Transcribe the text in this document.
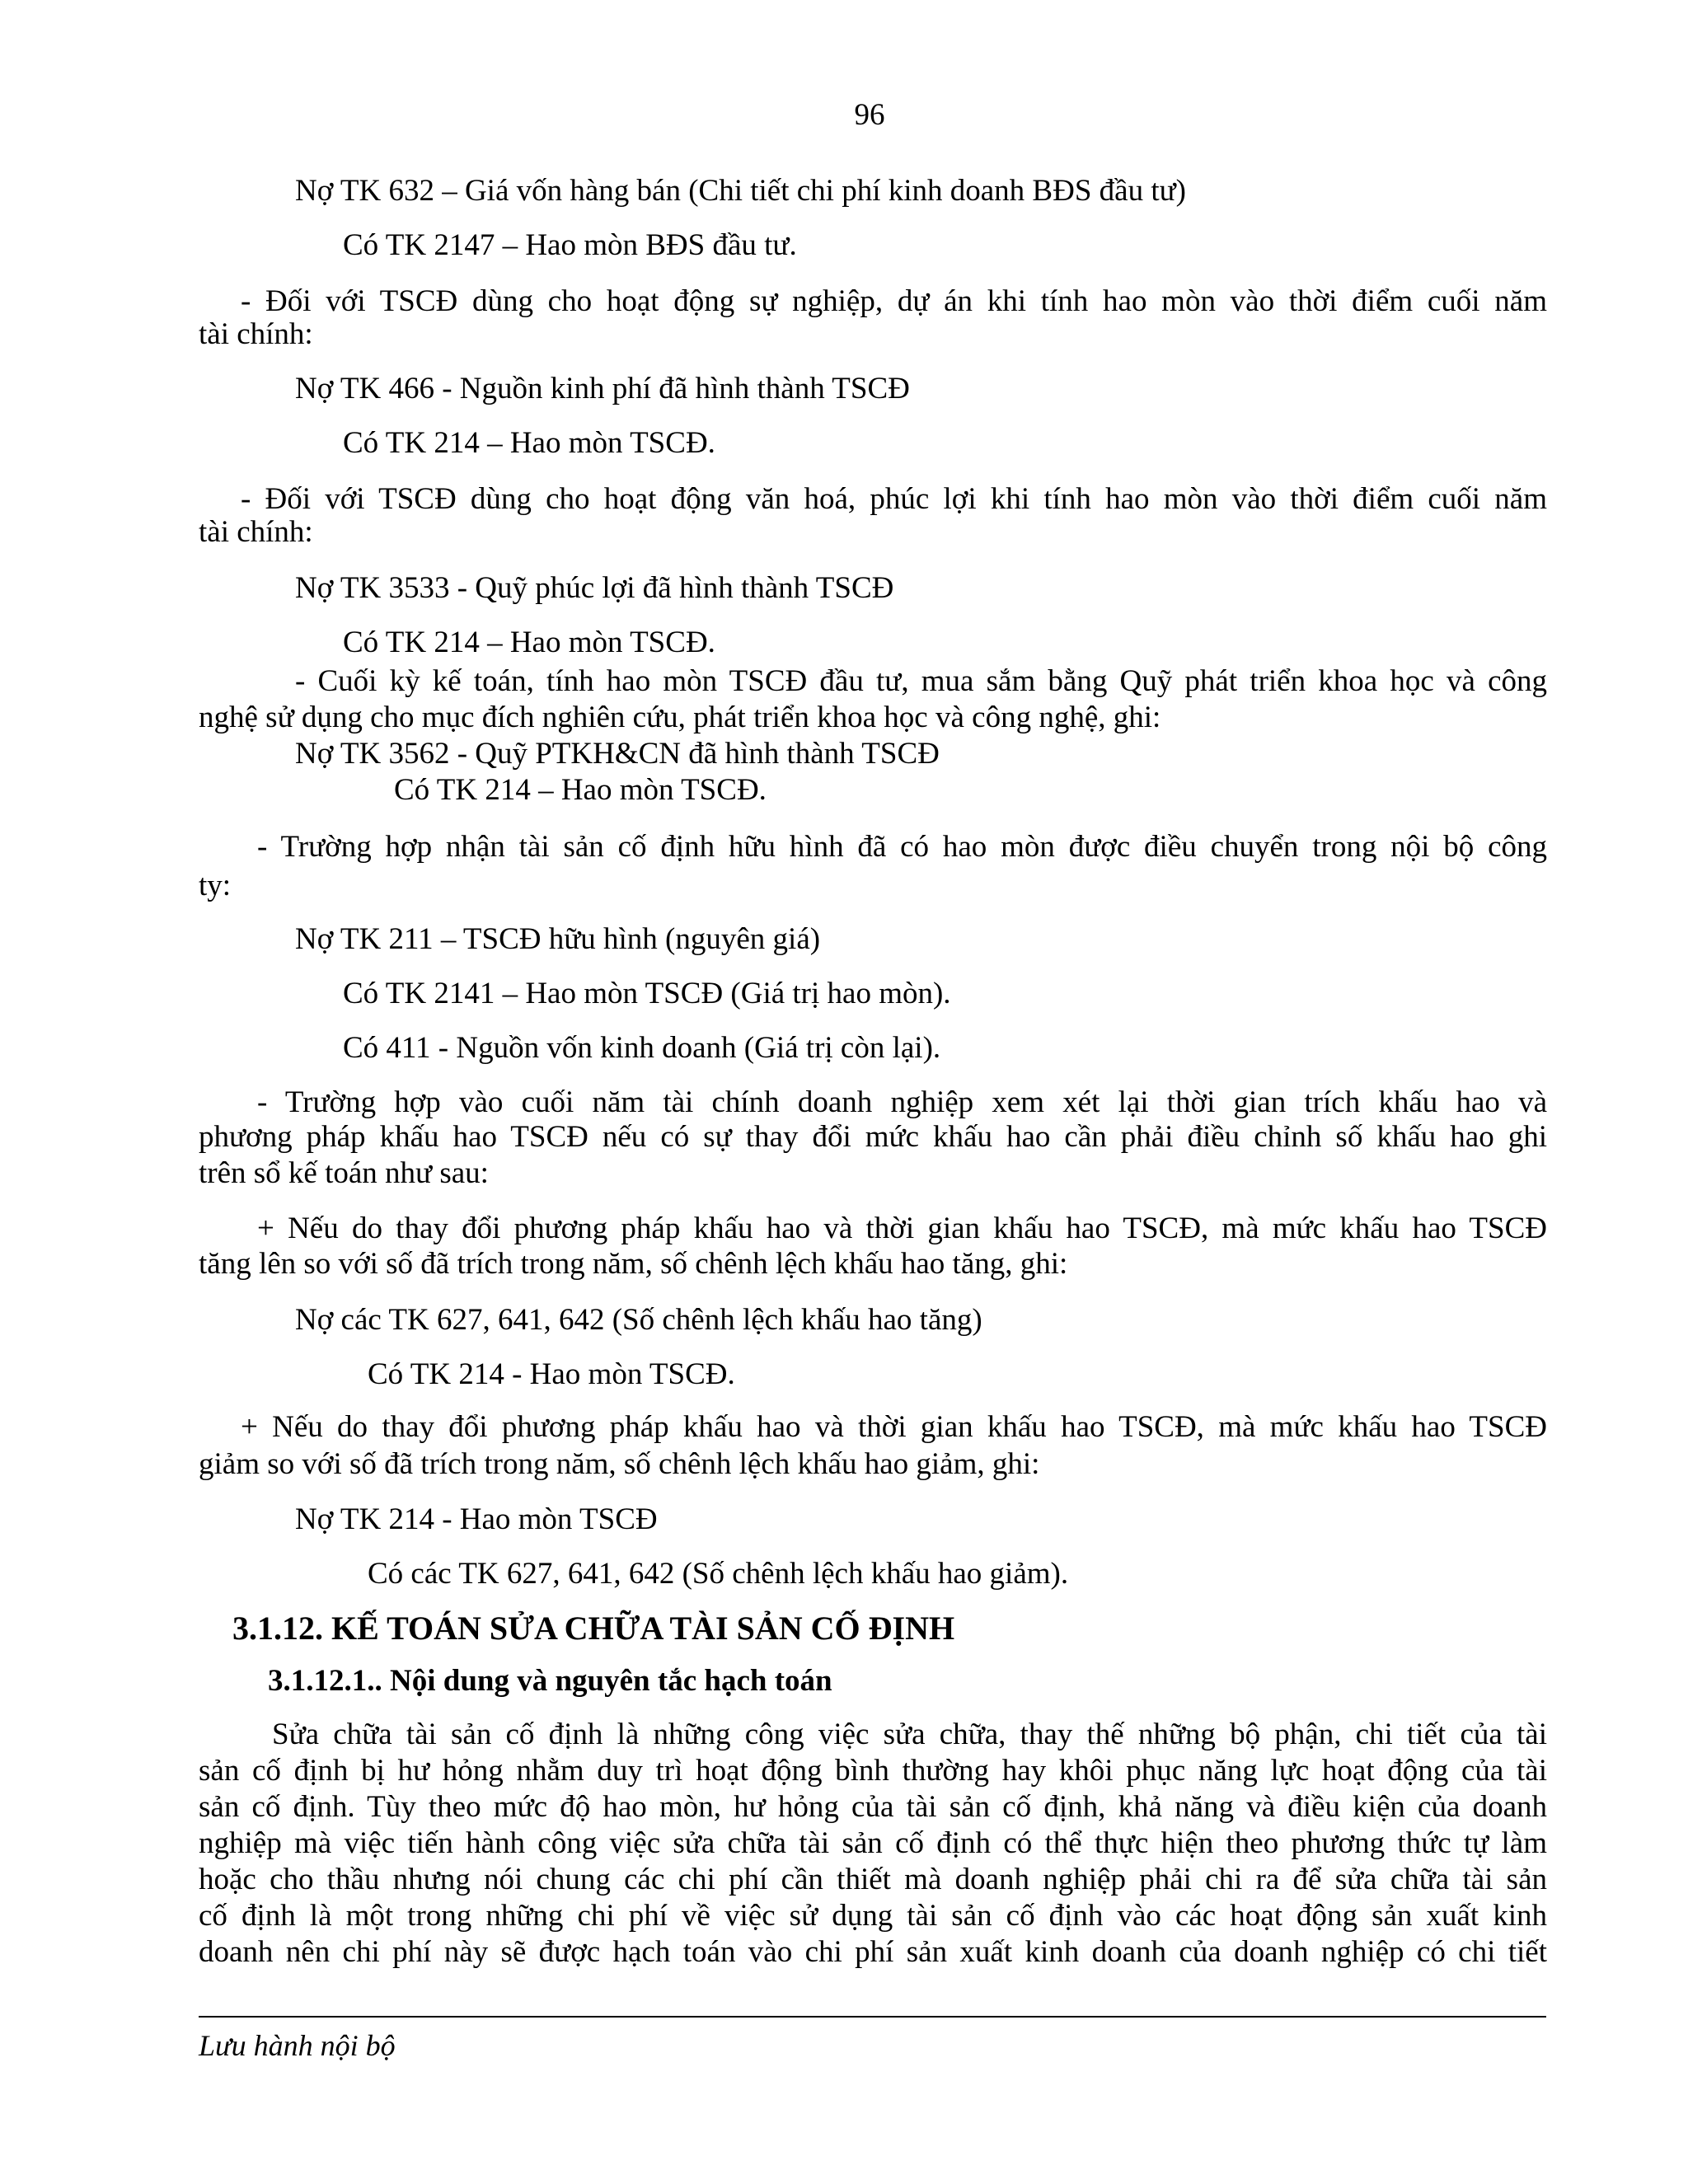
96

Nợ TK 632 – Giá vốn hàng bán (Chi tiết chi phí kinh doanh BĐS đầu tư)

Có TK 2147 – Hao mòn BĐS đầu tư.

- Đối với TSCĐ dùng cho hoạt động sự nghiệp, dự án khi tính hao mòn vào thời điểm cuối năm

tài chính:

Nợ TK 466 - Nguồn kinh phí đã hình thành TSCĐ

Có TK 214 – Hao mòn TSCĐ.

- Đối với TSCĐ dùng cho hoạt động văn hoá, phúc lợi khi tính hao mòn vào thời điểm cuối năm

tài chính:

Nợ TK 3533 - Quỹ phúc lợi đã hình thành TSCĐ

Có TK 214 – Hao mòn TSCĐ.

- Cuối kỳ kế toán, tính hao mòn TSCĐ đầu tư, mua sắm bằng Quỹ phát triển khoa học và công

nghệ sử dụng cho mục đích nghiên cứu, phát triển khoa học và công nghệ, ghi:

Nợ TK 3562 - Quỹ PTKH&CN đã hình thành TSCĐ

Có TK 214 – Hao mòn TSCĐ.

- Trường hợp nhận tài sản cố định hữu hình đã có hao mòn được điều chuyển trong nội bộ công

ty:

Nợ TK 211 – TSCĐ hữu hình (nguyên giá)

Có TK 2141 – Hao mòn TSCĐ (Giá trị hao mòn).

Có 411 - Nguồn vốn kinh doanh (Giá trị còn lại).

- Trường hợp vào cuối năm tài chính doanh nghiệp xem xét lại thời gian trích khấu hao và

phương pháp khấu hao TSCĐ nếu có sự thay đổi mức khấu hao cần phải điều chỉnh số khấu hao ghi

trên sổ kế toán như sau:

+ Nếu do thay đổi phương pháp khấu hao và thời gian khấu hao TSCĐ, mà mức khấu hao TSCĐ

tăng lên so với số đã trích trong năm, số chênh lệch khấu hao tăng, ghi:

Nợ các TK 627, 641, 642 (Số chênh lệch khấu hao tăng)

Có TK 214 - Hao mòn TSCĐ.

+ Nếu do thay đổi phương pháp khấu hao và thời gian khấu hao TSCĐ, mà mức khấu hao TSCĐ

giảm so với số đã trích trong năm, số chênh lệch khấu hao giảm, ghi:

Nợ TK 214 - Hao mòn TSCĐ

Có các TK 627, 641, 642 (Số chênh lệch khấu hao giảm).

3.1.12. KẾ TOÁN SỬA CHỮA TÀI SẢN CỐ ĐỊNH

3.1.12.1.. Nội dung và nguyên tắc hạch toán

Sửa chữa tài sản cố định là những công việc sửa chữa, thay thế những bộ phận, chi tiết của tài

sản cố định bị hư hỏng nhằm duy trì hoạt động bình thường hay khôi phục năng lực hoạt động của tài

sản cố định. Tùy theo mức độ hao mòn, hư hỏng của tài sản cố định, khả năng và điều kiện của doanh

nghiệp mà việc tiến hành công việc sửa chữa tài sản cố định có thể thực hiện theo phương thức tự làm

hoặc cho thầu nhưng nói chung các chi phí cần thiết mà doanh nghiệp phải chi ra để sửa chữa tài sản

cố định là một trong những chi phí về việc sử dụng tài sản cố định vào các hoạt động sản xuất kinh

doanh nên chi phí này sẽ được hạch toán vào chi phí sản xuất kinh doanh của doanh nghiệp có chi tiết

Lưu hành nội bộ
